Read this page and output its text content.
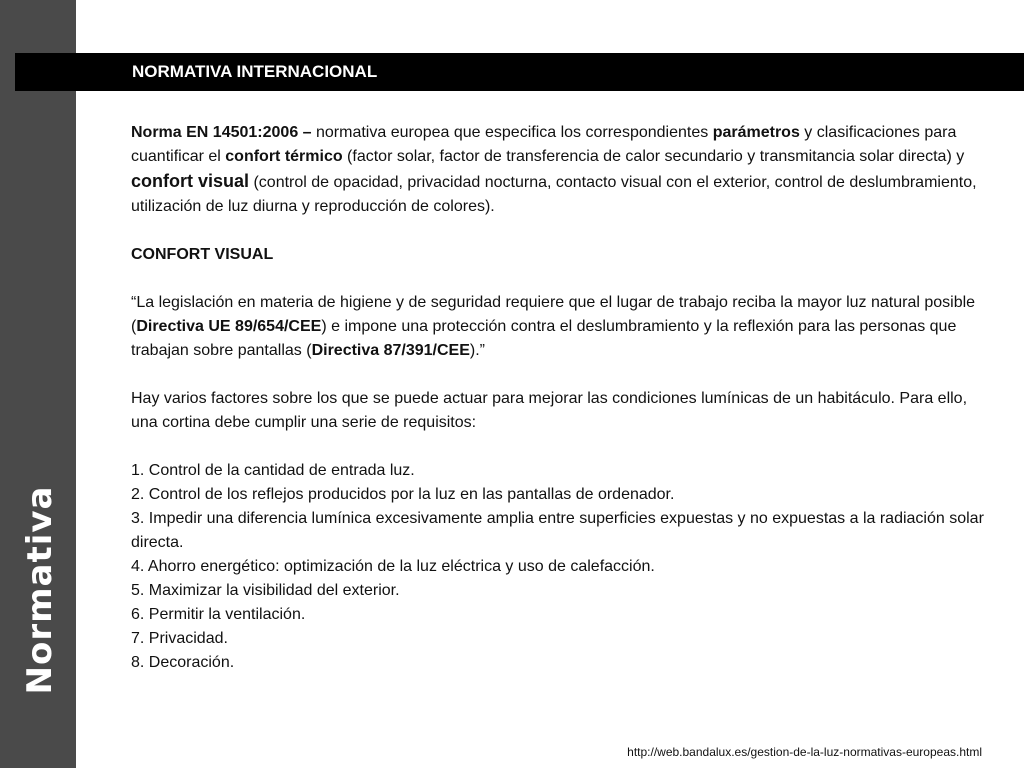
Normativa
NORMATIVA INTERNACIONAL

Norma EN 14501:2006 – normativa europea que especifica los correspondientes parámetros y clasificaciones para cuantificar el confort térmico (factor solar, factor de transferencia de calor secundario y transmitancia solar directa) y confort visual (control de opacidad, privacidad nocturna, contacto visual con el exterior, control de deslumbramiento, utilización de luz diurna y reproducción de colores).

CONFORT VISUAL

“La legislación en materia de higiene y de seguridad requiere que el lugar de trabajo reciba la mayor luz natural posible (Directiva UE 89/654/CEE) e impone una protección contra el deslumbramiento y la reflexión para las personas que trabajan sobre pantallas (Directiva 87/391/CEE).”

Hay varios factores sobre los que se puede actuar para mejorar las condiciones lumínicas de un habitáculo. Para ello, una cortina debe cumplir una serie de requisitos:

1. Control de la cantidad de entrada luz.

2. Control de los reflejos producidos por la luz en las pantallas de ordenador.

3. Impedir una diferencia lumínica excesivamente amplia entre superficies expuestas y no expuestas a la radiación solar directa.

4. Ahorro energético: optimización de la luz eléctrica y uso de calefacción.

5. Maximizar la visibilidad del exterior.

6. Permitir la ventilación.

7. Privacidad.

8. Decoración.

http://web.bandalux.es/gestion-de-la-luz-normativas-europeas.html
